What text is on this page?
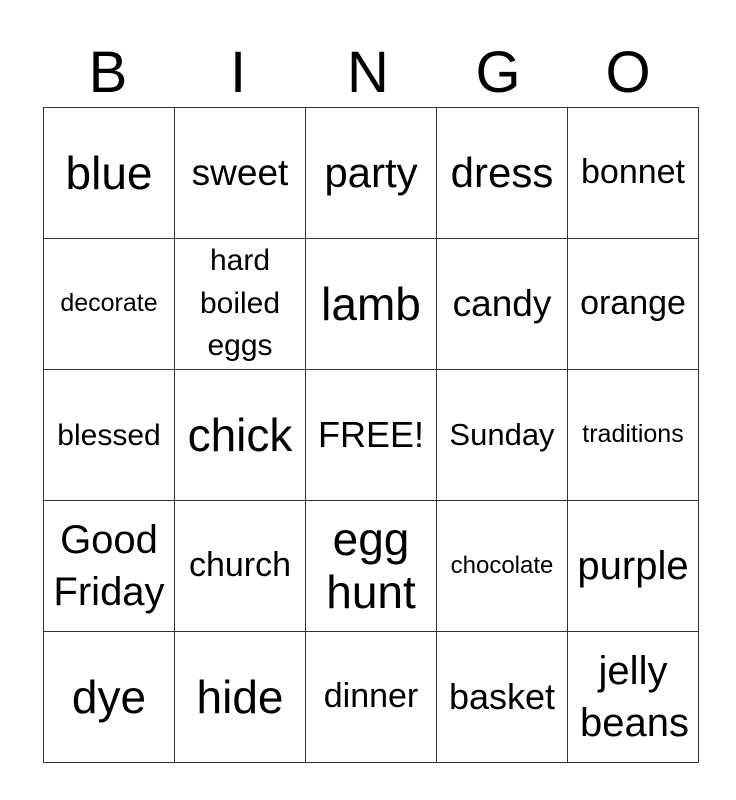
B	I	N	G	O
blue	sweet	party	dress	bonnet
decorate	hard boiled eggs	lamb	candy	orange
blessed	chick	FREE!	Sunday	traditions
Good Friday	church	egg hunt	chocolate	purple
dye	hide	dinner	basket	jelly beans
